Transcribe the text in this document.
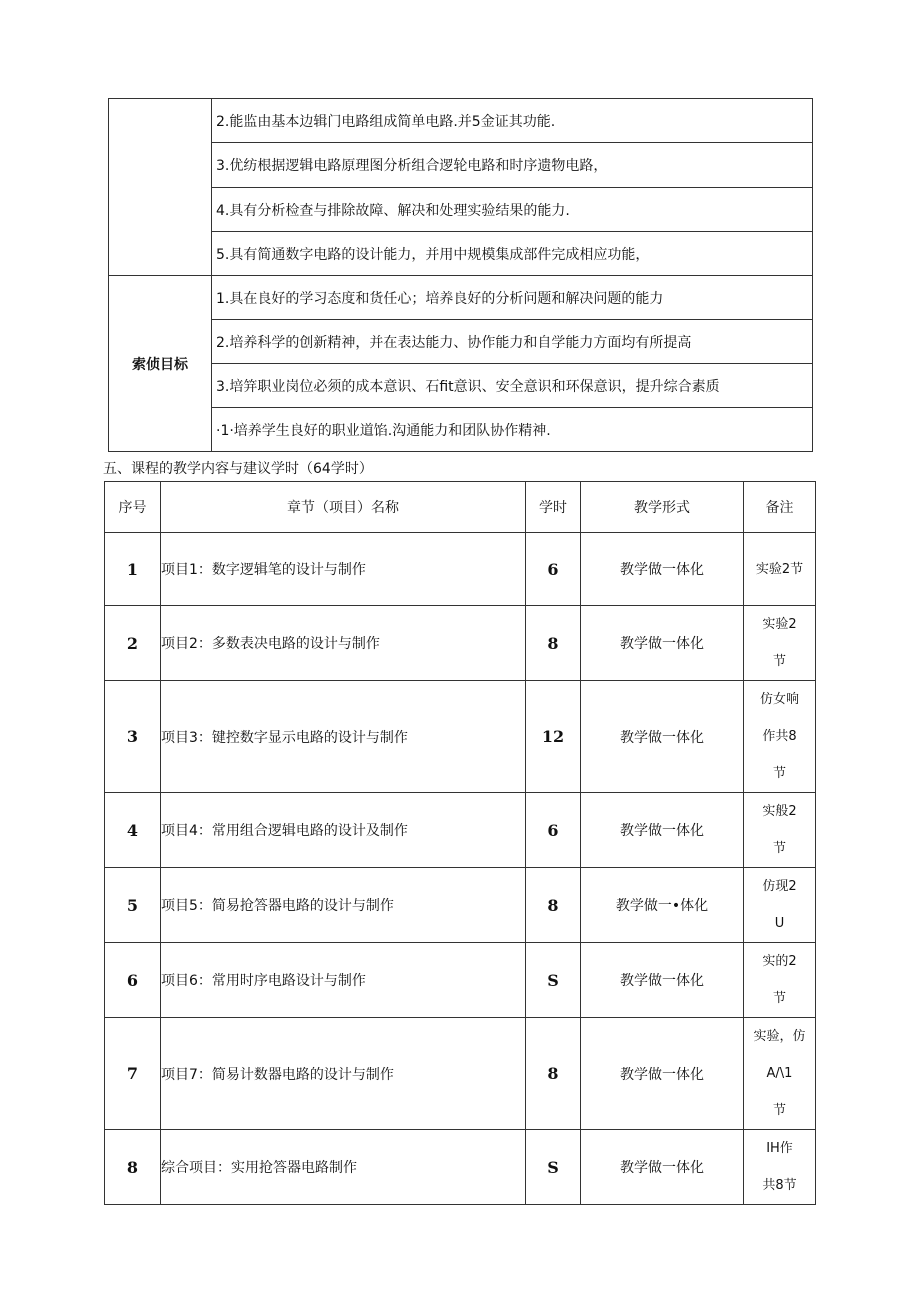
	2.能监由基本边辑门电路组成简单电路.并5金证其功能.
	3.优纺根据逻辑电路原理图分析组合逻轮电路和时序遗物电路，
	4.具有分析检查与排除故障、解决和处理实验结果的能力.
	5.具有简通数字电路的设计能力，并用中规模集成部件完成相应功能，
索侦目标	1.具在良好的学习态度和货任心；培养良好的分析问题和解决问题的能力
	2.培养科学的创新精神，并在表达能力、协作能力和自学能力方面均有所提高
	3.培笄职业岗位必须的成本意识、石fit意识、安全意识和环保意识，提升综合素质
	·1·培养学生良好的职业道馅.沟通能力和团队协作精神.
五、课程的教学内容与建议学时（64学时）
序号	章节（项目）名称	学时	教学形式	备注
1	项目1：数字逻辑笔的设计与制作	6	教学做一体化	实验2节

2	项目2：多数表决电路的设计与制作	8	教学做一体化	实验2
节

3	项目3：键控数字显示电路的设计与制作	12	教学做一体化	仿女响
作共8
节

4	项目4：常用组合逻辑电路的设计及制作	6	教学做一体化	实般2
节

5	项目5：简易抢答器电路的设计与制作	8	教学做一•体化	仿现2
U

6	项目6：常用时序电路设计与制作	S	教学做一体化	实的2
节

7	项目7：简易计数器电路的设计与制作	8	教学做一体化	实验，仿
A/\1
节

8	综合项目：实用抢答器电路制作	S	教学做一体化	IH作
共8节
